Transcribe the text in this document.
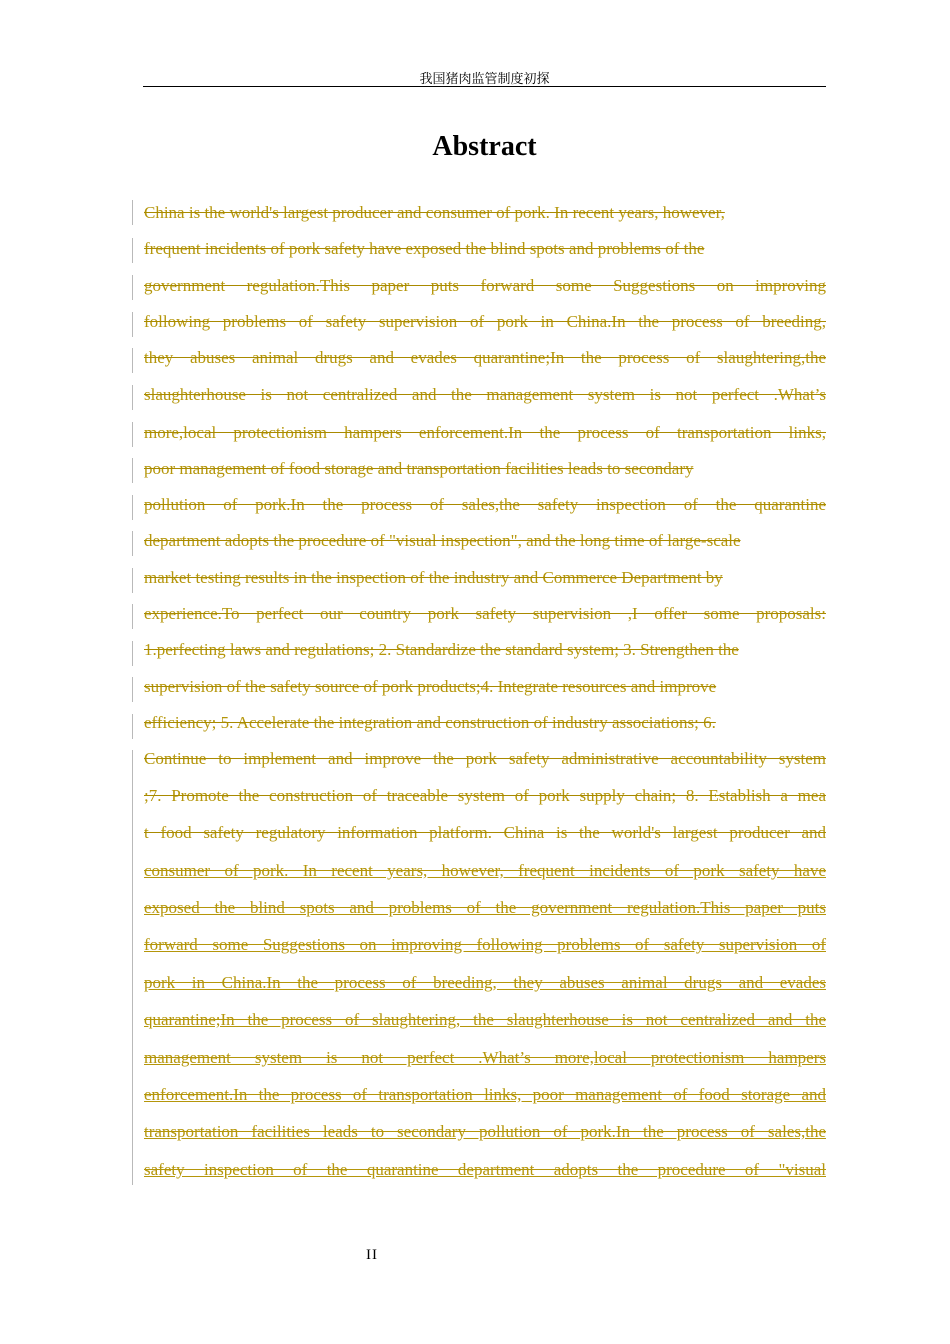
我国猪肉监管制度初探
Abstract
China is the world's largest producer and consumer of pork. In recent years, however,
frequent incidents of pork safety have exposed the blind spots and problems of the
government regulation.This paper puts forward some Suggestions on improving
following problems of safety supervision of pork in China.In the process of breeding,
they abuses animal drugs and evades quarantine;In the process of slaughtering,the
slaughterhouse is not centralized and the management system is not perfect .What’s
more,local protectionism hampers enforcement.In the process of transportation links,
poor management of food storage and transportation facilities leads to secondary
pollution of pork.In the process of sales,the safety inspection of the quarantine
department adopts the procedure of "visual inspection", and the long time of large-scale
market testing results in the inspection of the industry and Commerce Department by
experience.To perfect our country pork safety supervision ,I offer some proposals:
1.perfecting laws and regulations; 2. Standardize the standard system; 3. Strengthen the
supervision of the safety source of pork products;4. Integrate resources and improve
efficiency; 5. Accelerate the integration and construction of industry associations; 6.
Continue to implement and improve the pork safety administrative accountability system
;7. Promote the construction of traceable system of pork supply chain; 8. Establish a mea
t food safety regulatory information platform. China is the world's largest producer and
consumer of pork. In recent years, however, frequent incidents of pork safety have
exposed the blind spots and problems of the government regulation.This paper puts
forward some Suggestions on improving following problems of safety supervision of
pork in China.In the process of breeding, they abuses animal drugs and evades
quarantine;In the process of slaughtering, the slaughterhouse is not centralized and the
management system is not perfect .What’s more,local protectionism hampers
enforcement.In the process of transportation links, poor management of food storage and
transportation facilities leads to secondary pollution of pork.In the process of sales,the
safety inspection of the quarantine department adopts the procedure of "visual
II
